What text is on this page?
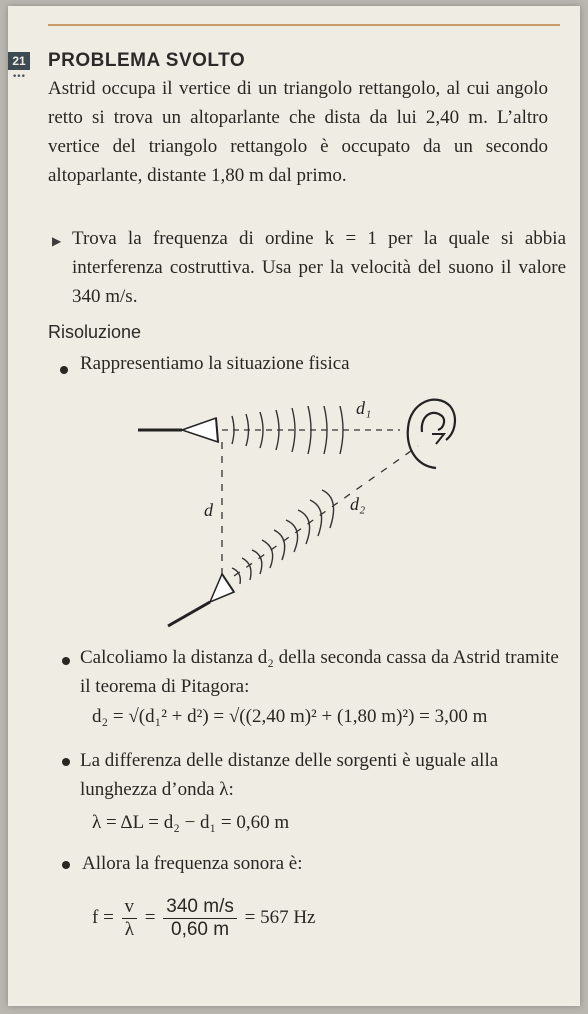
21
•••
PROBLEMA SVOLTO
Astrid occupa il vertice di un triangolo rettangolo, al cui angolo retto si trova un altoparlante che dista da lui 2,40 m. L’altro vertice del triangolo rettangolo è occupato da un secondo altoparlante, distante 1,80 m dal primo.
▶ Trova la frequenza di ordine k = 1 per la quale si abbia interferenza costruttiva. Usa per la velocità del suono il valore 340 m/s.
Risoluzione
Rappresentiamo la situazione fisica
d₁
d	d₂
Calcoliamo la distanza d₂ della seconda cassa da Astrid tramite il teorema di Pitagora:
d₂ = √(d₁² + d²) = √((2,40 m)² + (1,80 m)²) = 3,00 m
La differenza delle distanze delle sorgenti è uguale alla lunghezza d’onda λ:
λ = ΔL = d₂ − d₁ = 0,60 m
Allora la frequenza sonora è:
$f = \frac{v}{\lambda} = \frac{340 m/s}{0,60 m} = 567$ Hz
